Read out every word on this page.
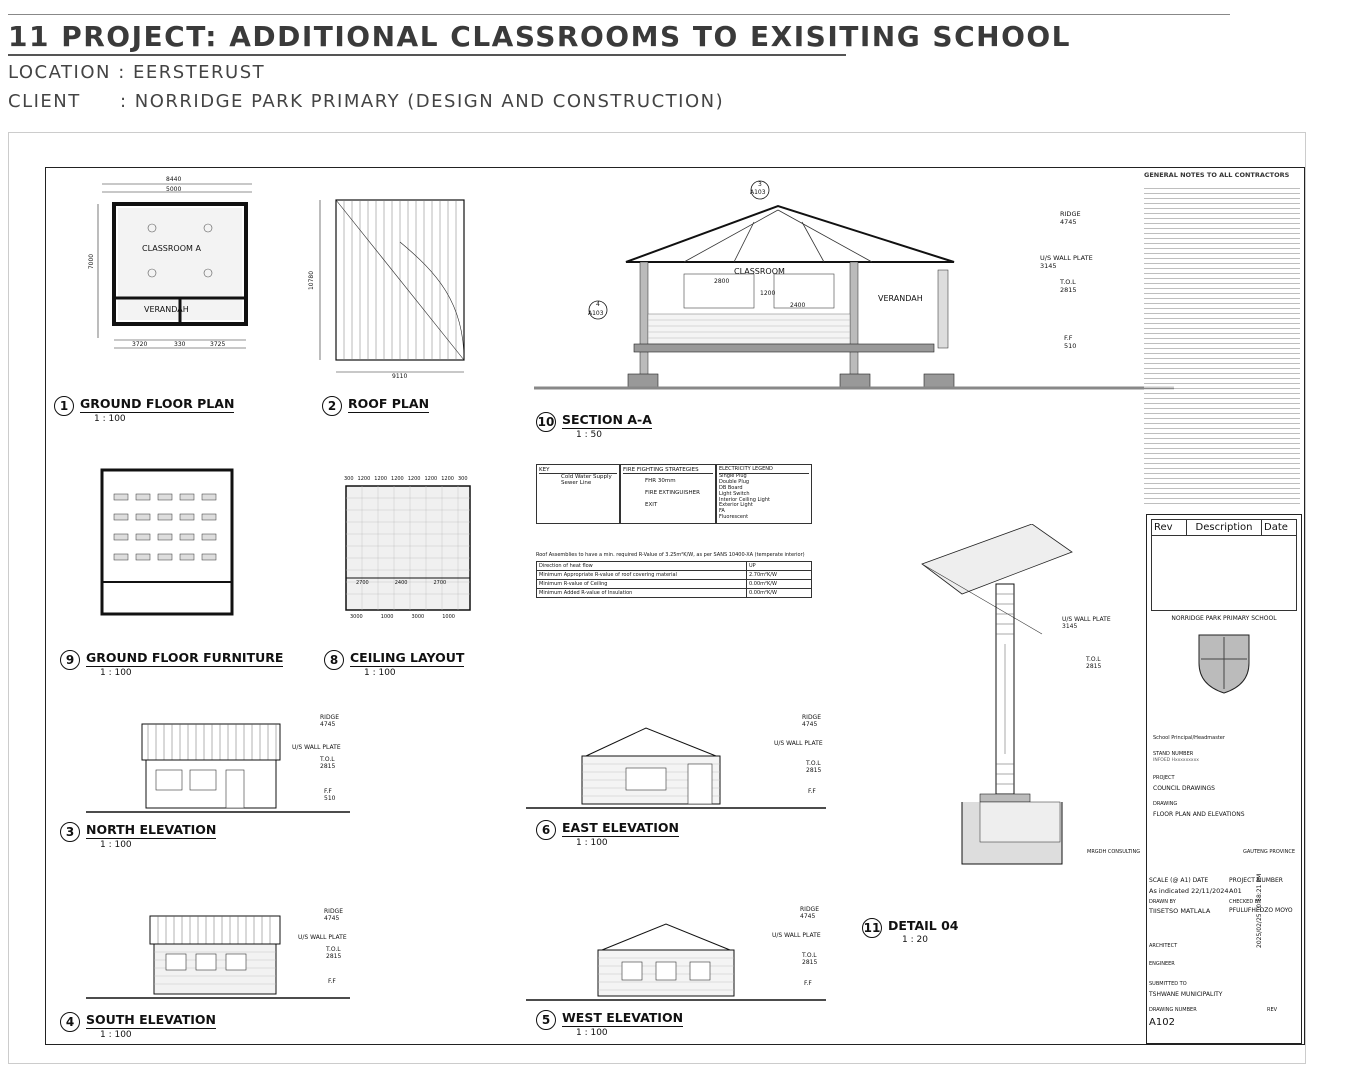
11 PROJECT: ADDITIONAL CLASSROOMS TO EXISITING SCHOOL
LOCATION : EERSTERUST
CLIENT : NORRIDGE PARK PRIMARY (DESIGN AND CONSTRUCTION)
8440
5000
CLASSROOM A
VERANDAH
3720	330	3725
7000
1 GROUND FLOOR PLAN
1 : 100
9110
10780
2 ROOF PLAN
CLASSROOM
VERANDAH
2800
2400
1200
3
A103
4
A103
RIDGE
4745
U/S WALL PLATE
3145
T.O.L
2815
F.F
510
10 SECTION A-A
1 : 50
GENERAL NOTES TO ALL CONTRACTORS
9 GROUND FLOOR FURNITURE
1 : 100
300 1200 1200 1200 1200 1200 1200 300
2700	2400	2700
3000	1000	3000	1000
8 CEILING LAYOUT
1 : 100
KEY
Cold Water Supply
Sewer Line
FIRE FIGHTING STRATEGIES
FHR 30mm
FIRE EXTINGUISHER
EXIT
ELECTRICITY LEGEND
Single Plug
Double Plug
DB Board
Light Switch
Interior Ceiling Light
Exterior Light
FA
Fluorescent
Roof Assemblies to have a min. required R-Value of 3.25m²K/W, as per SANS 10400-XA (temperate interior)
Direction of heat flow	UP
Minimum Appropriate R-value of roof covering material	2.70m²K/W
Minimum R-value of Ceiling	0.00m²K/W
Minimum Added R-value of Insulation	0.00m²K/W
U/S WALL PLATE
3145
T.O.L
2815
11 DETAIL 04
1 : 20
RIDGE
4745
U/S WALL PLATE
T.O.L
2815
F.F
510
3 NORTH ELEVATION
1 : 100
RIDGE
4745
U/S WALL PLATE
T.O.L
2815
F.F
6 EAST ELEVATION
1 : 100
RIDGE
4745
U/S WALL PLATE
T.O.L
2815
F.F
4 SOUTH ELEVATION
1 : 100
RIDGE
4745
U/S WALL PLATE
T.O.L
2815
F.F
5 WEST ELEVATION
1 : 100
Rev	Description	Date
NORRIDGE PARK PRIMARY SCHOOL
School Principal/Headmaster
STAND NUMBER
INFOED Hxxxxxxxxx
PROJECT
COUNCIL DRAWINGS
DRAWING
FLOOR PLAN AND ELEVATIONS
GAUTENG PROVINCE
MRGDH CONSULTING
SCALE (@ A1) DATE
As indicated 22/11/2024
PROJECT NUMBER
A01
DRAWN BY
TIISETSO MATLALA
CHECKED BY
PFULUFHEDZO MOYO
ARCHITECT
ENGINEER
SUBMITTED TO
TSHWANE MUNICIPALITY
DRAWING NUMBER
A102
REV
2025/02/25 10:58:21 PM
